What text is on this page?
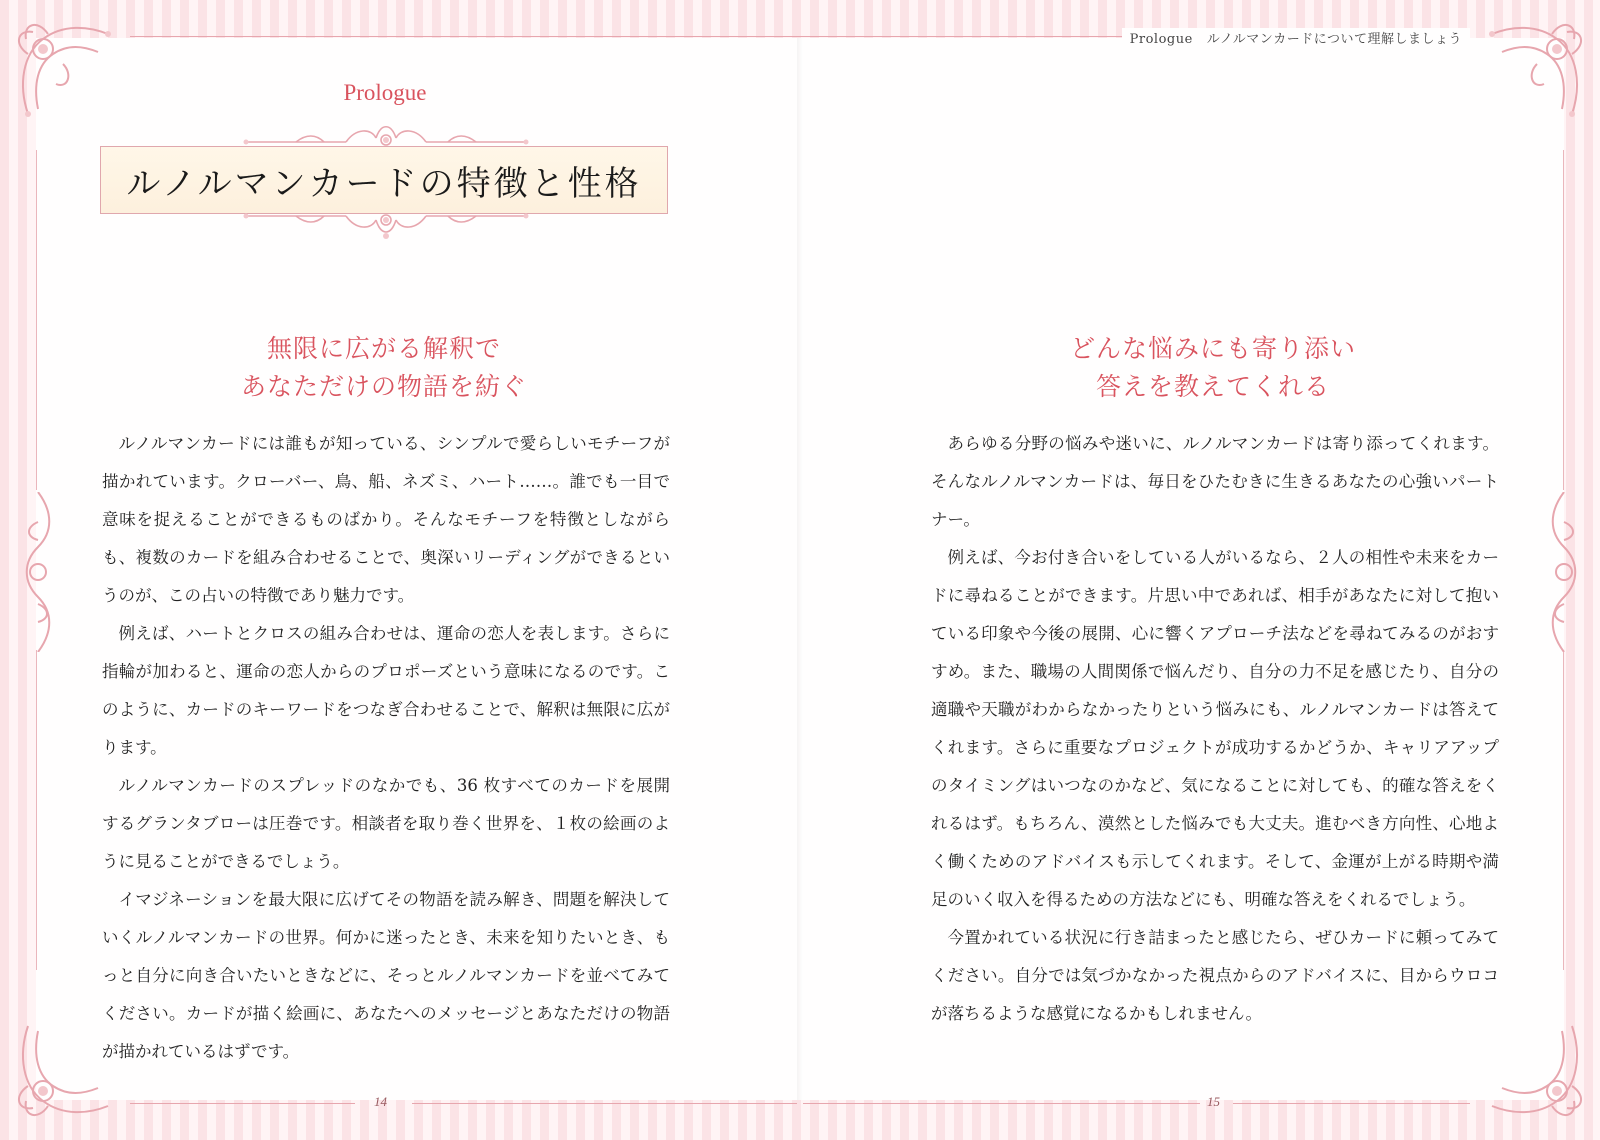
Prologue ルノルマンカードについて理解しましょう
Prologue
ルノルマンカードの特徴と性格
無限に広がる解釈で
あなただけの物語を紡ぐ

ルノルマンカードには誰もが知っている、シンプルで愛らしいモチーフが描かれています。クローバー、鳥、船、ネズミ、ハート……。誰でも一目で意味を捉えることができるものばかり。そんなモチーフを特徴としながらも、複数のカードを組み合わせることで、奥深いリーディングができるというのが、この占いの特徴であり魅力です。

例えば、ハートとクロスの組み合わせは、運命の恋人を表します。さらに指輪が加わると、運命の恋人からのプロポーズという意味になるのです。このように、カードのキーワードをつなぎ合わせることで、解釈は無限に広がります。

ルノルマンカードのスプレッドのなかでも、36 枚すべてのカードを展開するグランタブローは圧巻です。相談者を取り巻く世界を、１枚の絵画のように見ることができるでしょう。

イマジネーションを最大限に広げてその物語を読み解き、問題を解決していくルノルマンカードの世界。何かに迷ったとき、未来を知りたいとき、もっと自分に向き合いたいときなどに、そっとルノルマンカードを並べてみてください。カードが描く絵画に、あなたへのメッセージとあなただけの物語が描かれているはずです。

どんな悩みにも寄り添い
答えを教えてくれる

あらゆる分野の悩みや迷いに、ルノルマンカードは寄り添ってくれます。そんなルノルマンカードは、毎日をひたむきに生きるあなたの心強いパートナー。

例えば、今お付き合いをしている人がいるなら、２人の相性や未来をカードに尋ねることができます。片思い中であれば、相手があなたに対して抱いている印象や今後の展開、心に響くアプローチ法などを尋ねてみるのがおすすめ。また、職場の人間関係で悩んだり、自分の力不足を感じたり、自分の適職や天職がわからなかったりという悩みにも、ルノルマンカードは答えてくれます。さらに重要なプロジェクトが成功するかどうか、キャリアアップのタイミングはいつなのかなど、気になることに対しても、的確な答えをくれるはず。もちろん、漠然とした悩みでも大丈夫。進むべき方向性、心地よく働くためのアドバイスも示してくれます。そして、金運が上がる時期や満足のいく収入を得るための方法などにも、明確な答えをくれるでしょう。

今置かれている状況に行き詰まったと感じたら、ぜひカードに頼ってみてください。自分では気づかなかった視点からのアドバイスに、目からウロコが落ちるような感覚になるかもしれません。

14	15
